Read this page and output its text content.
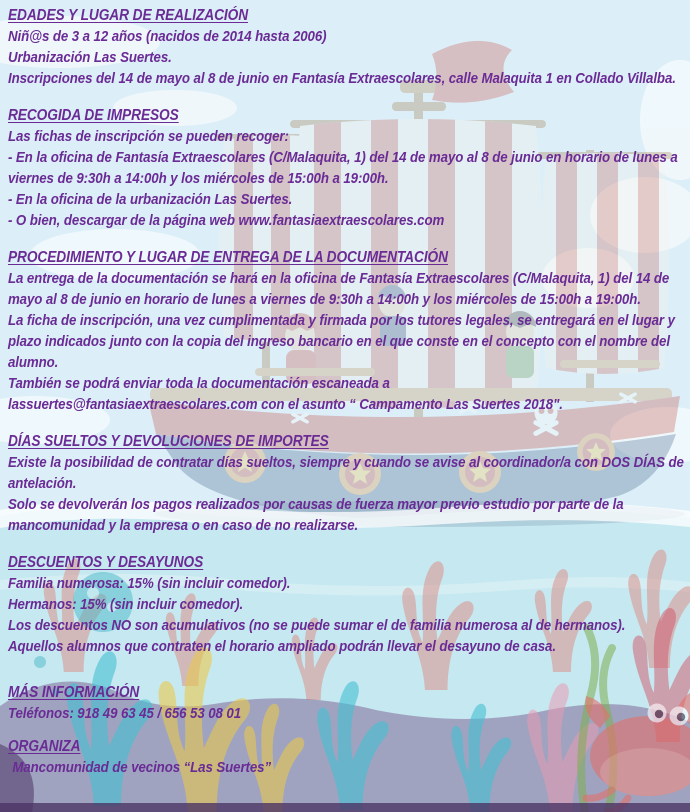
EDADES Y LUGAR DE REALIZACIÓN

Niñ@s de 3 a 12 años (nacidos de 2014 hasta 2006)

Urbanización Las Suertes.

Inscripciones del 14 de mayo al 8 de junio en Fantasía Extraescolares, calle Malaquita 1 en Collado Villalba.

RECOGIDA DE IMPRESOS

Las fichas de inscripción se pueden recoger:

- En la oficina de Fantasía Extraescolares (C/Malaquita, 1) del 14 de mayo al 8 de junio en horario de lunes a viernes de 9:30h a 14:00h y los miércoles de 15:00h a 19:00h.

- En la oficina de la urbanización Las Suertes.

- O bien, descargar de la página web www.fantasiaextraescolares.com

PROCEDIMIENTO Y LUGAR DE ENTREGA DE LA DOCUMENTACIÓN

La entrega de la documentación se hará en la oficina de Fantasía Extraescolares (C/Malaquita, 1) del 14 de mayo al 8 de junio en horario de lunes a viernes de 9:30h a 14:00h y los miércoles de 15:00h a 19:00h.

La ficha de inscripción, una vez cumplimentada y firmada por los tutores legales, se entregará en el lugar y plazo indicados junto con la copia del ingreso bancario en el que conste en el concepto con el nombre del alumno.

También se podrá enviar toda la documentación escaneada a

lassuertes@fantasiaextraescolares.com con el asunto “ Campamento Las Suertes 2018".

DÍAS SUELTOS Y DEVOLUCIONES DE IMPORTES

Existe la posibilidad de contratar días sueltos, siempre y cuando se avise al coordinador/a con DOS DÍAS de antelación.

Solo se devolverán los pagos realizados por causas de fuerza mayor previo estudio por parte de la mancomunidad y la empresa o en caso de no realizarse.

DESCUENTOS Y DESAYUNOS

Familia numerosa: 15% (sin incluir comedor).

Hermanos: 15% (sin incluir comedor).

Los descuentos NO son acumulativos (no se puede sumar el de familia numerosa al de hermanos).

Aquellos alumnos que contraten el horario ampliado podrán llevar el desayuno de casa.

MÁS INFORMACIÓN

Teléfonos: 918 49 63 45 / 656 53 08 01

ORGANIZA

Mancomunidad de vecinos “Las Suertes”
